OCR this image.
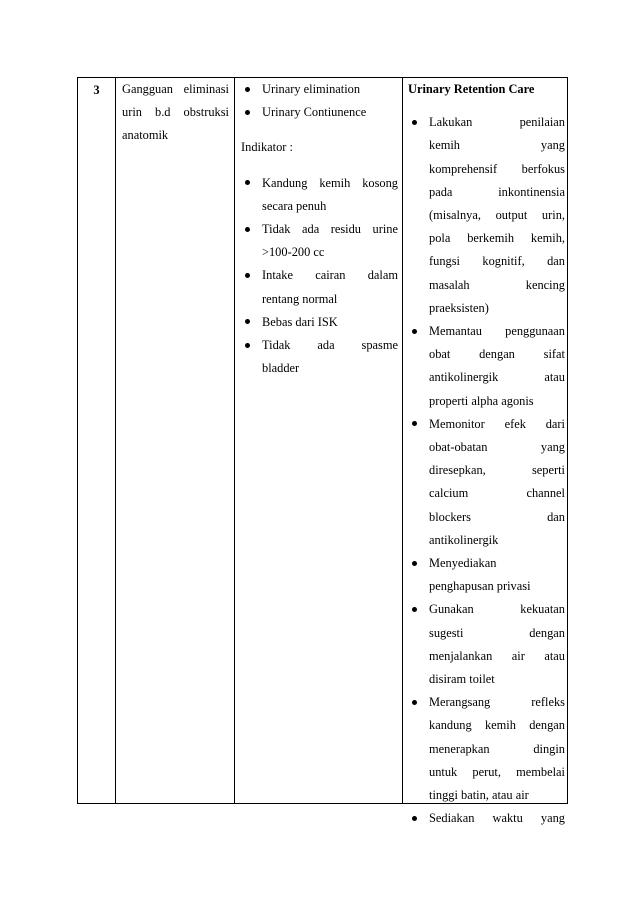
3	Gangguan eliminasi
urin b.d obstruksi
anatomik
Urinary elimination
Urinary Contiunence
Indikator :
Kandung kemih kosong
secara penuh
Tidak ada residu urine
>100-200 cc
Intake cairan dalam
rentang normal
Bebas dari ISK
Tidak ada spasme
bladder
Urinary Retention Care
Lakukan penilaian
kemih yang
komprehensif berfokus
pada inkontinensia
(misalnya, output urin,
pola berkemih kemih,
fungsi kognitif, dan
masalah kencing
praeksisten)
Memantau penggunaan
obat dengan sifat
antikolinergik atau
properti alpha agonis
Memonitor efek dari
obat-obatan yang
diresepkan, seperti
calcium channel
blockers dan
antikolinergik
Menyediakan
penghapusan privasi
Gunakan kekuatan
sugesti dengan
menjalankan air atau
disiram toilet
Merangsang refleks
kandung kemih dengan
menerapkan dingin
untuk perut, membelai
tinggi batin, atau air
Sediakan waktu yang
